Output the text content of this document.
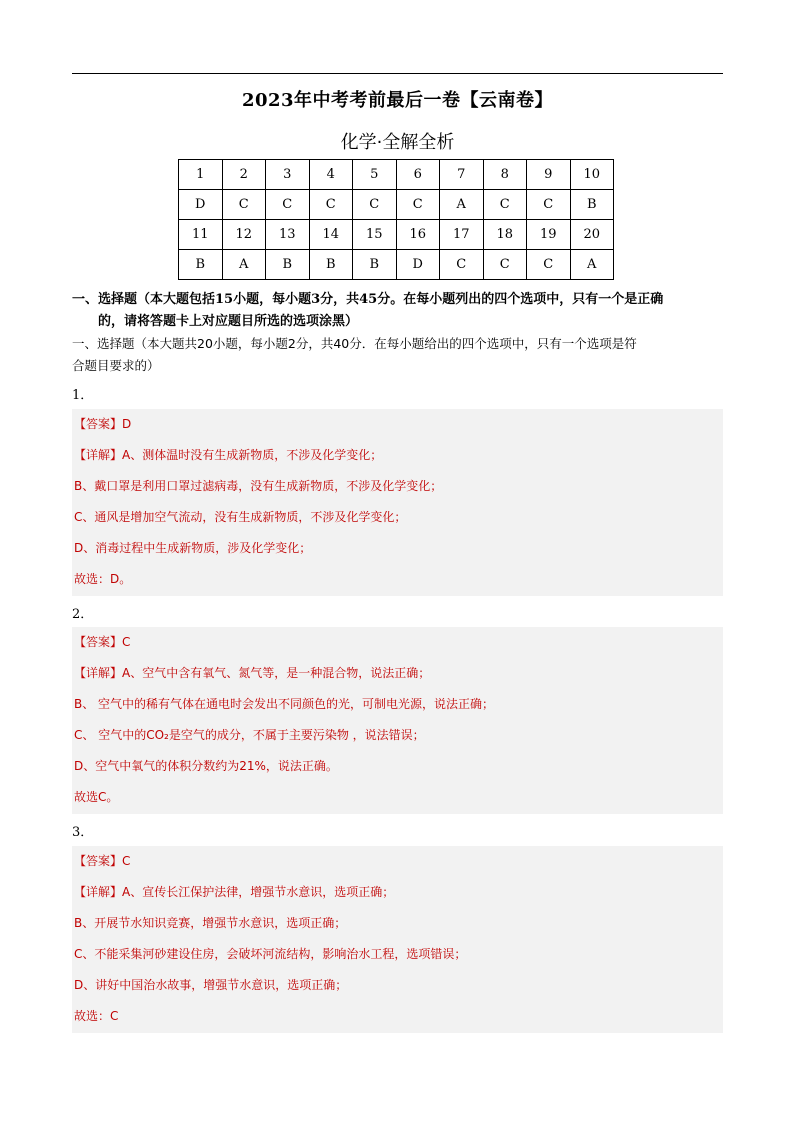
2023年中考考前最后一卷【云南卷】
化学·全解全析
1	2	3	4	5	6	7	8	9	10
D	C	C	C	C	C	A	C	C	B
11	12	13	14	15	16	17	18	19	20
B	A	B	B	B	D	C	C	C	A
一、选择题（本大题包括15小题，每小题3分，共45分。在每小题列出的四个选项中，只有一个是正确
的，请将答题卡上对应题目所选的选项涂黑）
一、选择题（本大题共20小题，每小题2分，共40分．在每小题给出的四个选项中，只有一个选项是符
合题目要求的）
1．
【答案】D
【详解】A、测体温时没有生成新物质，不涉及化学变化；
B、戴口罩是利用口罩过滤病毒，没有生成新物质，不涉及化学变化；
C、通风是增加空气流动，没有生成新物质，不涉及化学变化；
D、消毒过程中生成新物质，涉及化学变化；
故选：D。
2．
【答案】C
【详解】A、空气中含有氧气、氮气等，是一种混合物，说法正确；
B、 空气中的稀有气体在通电时会发出不同颜色的光，可制电光源，说法正确；
C、 空气中的CO₂是空气的成分，不属于主要污染物 ，说法错误；
D、空气中氧气的体积分数约为21%，说法正确。
故选C。
3．
【答案】C
【详解】A、宣传长江保护法律，增强节水意识，选项正确；
B、开展节水知识竞赛，增强节水意识，选项正确；
C、不能采集河砂建设住房，会破坏河流结构，影响治水工程，选项错误；
D、讲好中国治水故事，增强节水意识，选项正确；
故选：C
